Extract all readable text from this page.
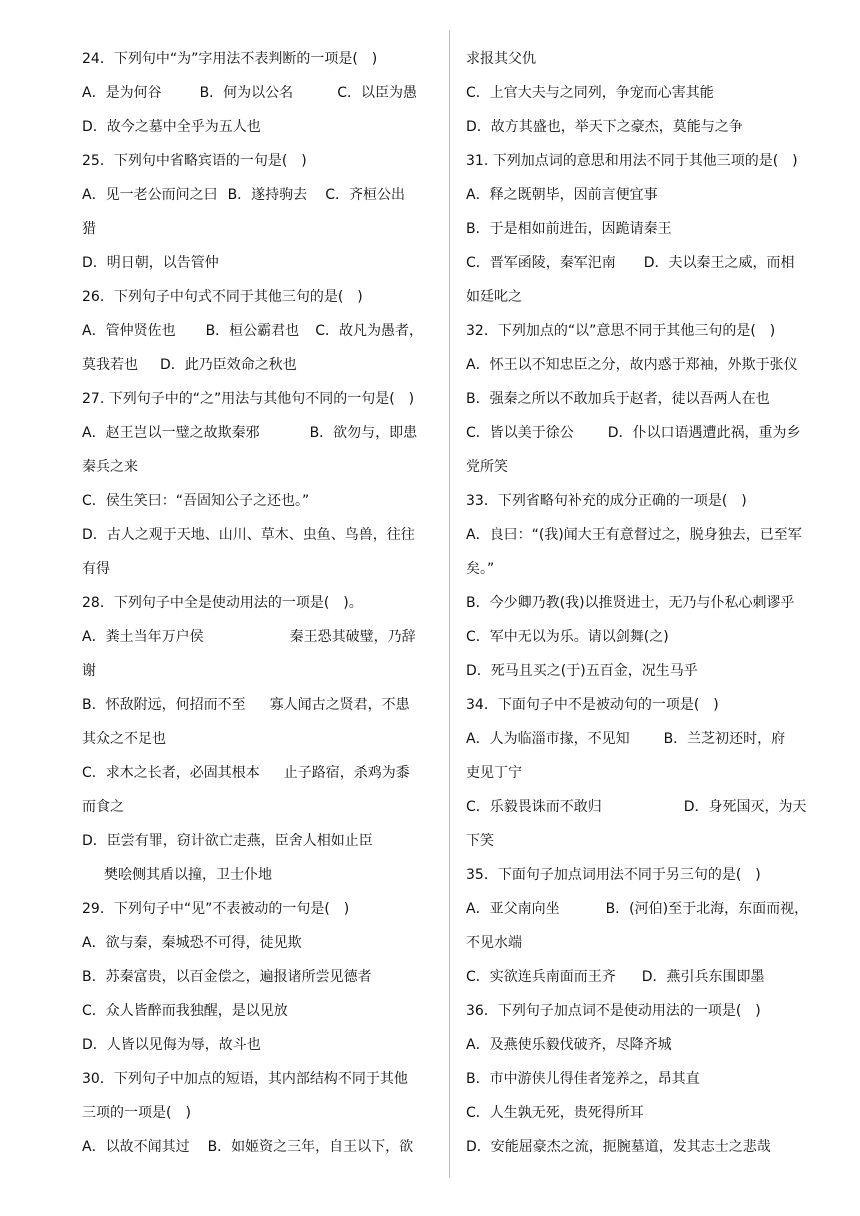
24．下列句中“为”字用法不表判断的一项是(　)
A．是为何谷	B．何为以公名	C．以臣为愚
D．故今之墓中全乎为五人也
25．下列句中省略宾语的一句是(　)
A．见一老公而问之曰 B．遂持驹去 C．齐桓公出
猎
D．明日朝，以告管仲
26．下列句子中句式不同于其他三句的是(　)
A．管仲贤佐也 B．桓公霸君也 C．故凡为愚者，
莫我若也 D．此乃臣效命之秋也
27. 下列句子中的“之”用法与其他句不同的一句是(　)
A．赵王岂以一璧之故欺秦邪	B．欲勿与，即患
秦兵之来
C．侯生笑曰：“吾固知公子之还也。”
D．古人之观于天地、山川、草木、虫鱼、鸟兽，往往
有得
28．下列句子中全是使动用法的一项是(　)。
A．粪土当年万户侯	秦王恐其破璧，乃辞
谢
B．怀敌附远，何招而不至 寡人闻古之贤君，不患
其众之不足也
C．求木之长者，必固其根本 止子路宿，杀鸡为黍
而食之
D．臣尝有罪，窃计欲亡走燕，臣舍人相如止臣
樊哙侧其盾以撞，卫士仆地
29．下列句子中“见”不表被动的一句是(　)
A．欲与秦，秦城恐不可得，徒见欺
B．苏秦富贵，以百金偿之，遍报诸所尝见德者
C．众人皆醉而我独醒，是以见放
D．人皆以见侮为辱，故斗也
30．下列句子中加点的短语，其内部结构不同于其他
三项的一项是(　)
A．以故不闻其过 B．如姬资之三年，自王以下，欲
求报其父仇
C．上官大夫与之同列，争宠而心害其能
D．故方其盛也，举天下之豪杰，莫能与之争
31. 下列加点词的意思和用法不同于其他三项的是(　)
A．释之既朝毕，因前言便宜事
B．于是相如前进缶，因跪请秦王
C．晋军函陵，秦军汜南 D．夫以秦王之威，而相
如廷叱之
32．下列加点的“以”意思不同于其他三句的是(　)
A．怀王以不知忠臣之分，故内惑于郑袖，外欺于张仪
B．强秦之所以不敢加兵于赵者，徒以吾两人在也
C．皆以美于徐公 D．仆以口语遇遭此祸，重为乡
党所笑
33．下列省略句补充的成分正确的一项是(　)
A．良曰：“(我)闻大王有意督过之，脱身独去，已至军
矣。”
B．今少卿乃教(我)以推贤进士，无乃与仆私心刺谬乎
C．军中无以为乐。请以剑舞(之)
D．死马且买之(于)五百金，况生马乎
34．下面句子中不是被动句的一项是(　)
A．人为临淄市掾，不见知 B．兰芝初还时，府
吏见丁宁
C．乐毅畏诛而不敢归	D．身死国灭，为天
下笑
35．下面句子加点词用法不同于另三句的是(　)
A．亚父南向坐	B．(河伯)至于北海，东面而视，
不见水端
C．实欲连兵南面而王齐 D．燕引兵东围即墨
36．下列句子加点词不是使动用法的一项是(　)
A．及燕使乐毅伐破齐，尽降齐城
B．市中游侠儿得佳者笼养之，昂其直
C．人生孰无死，贵死得所耳
D．安能屈豪杰之流，扼腕墓道，发其志士之悲哉
